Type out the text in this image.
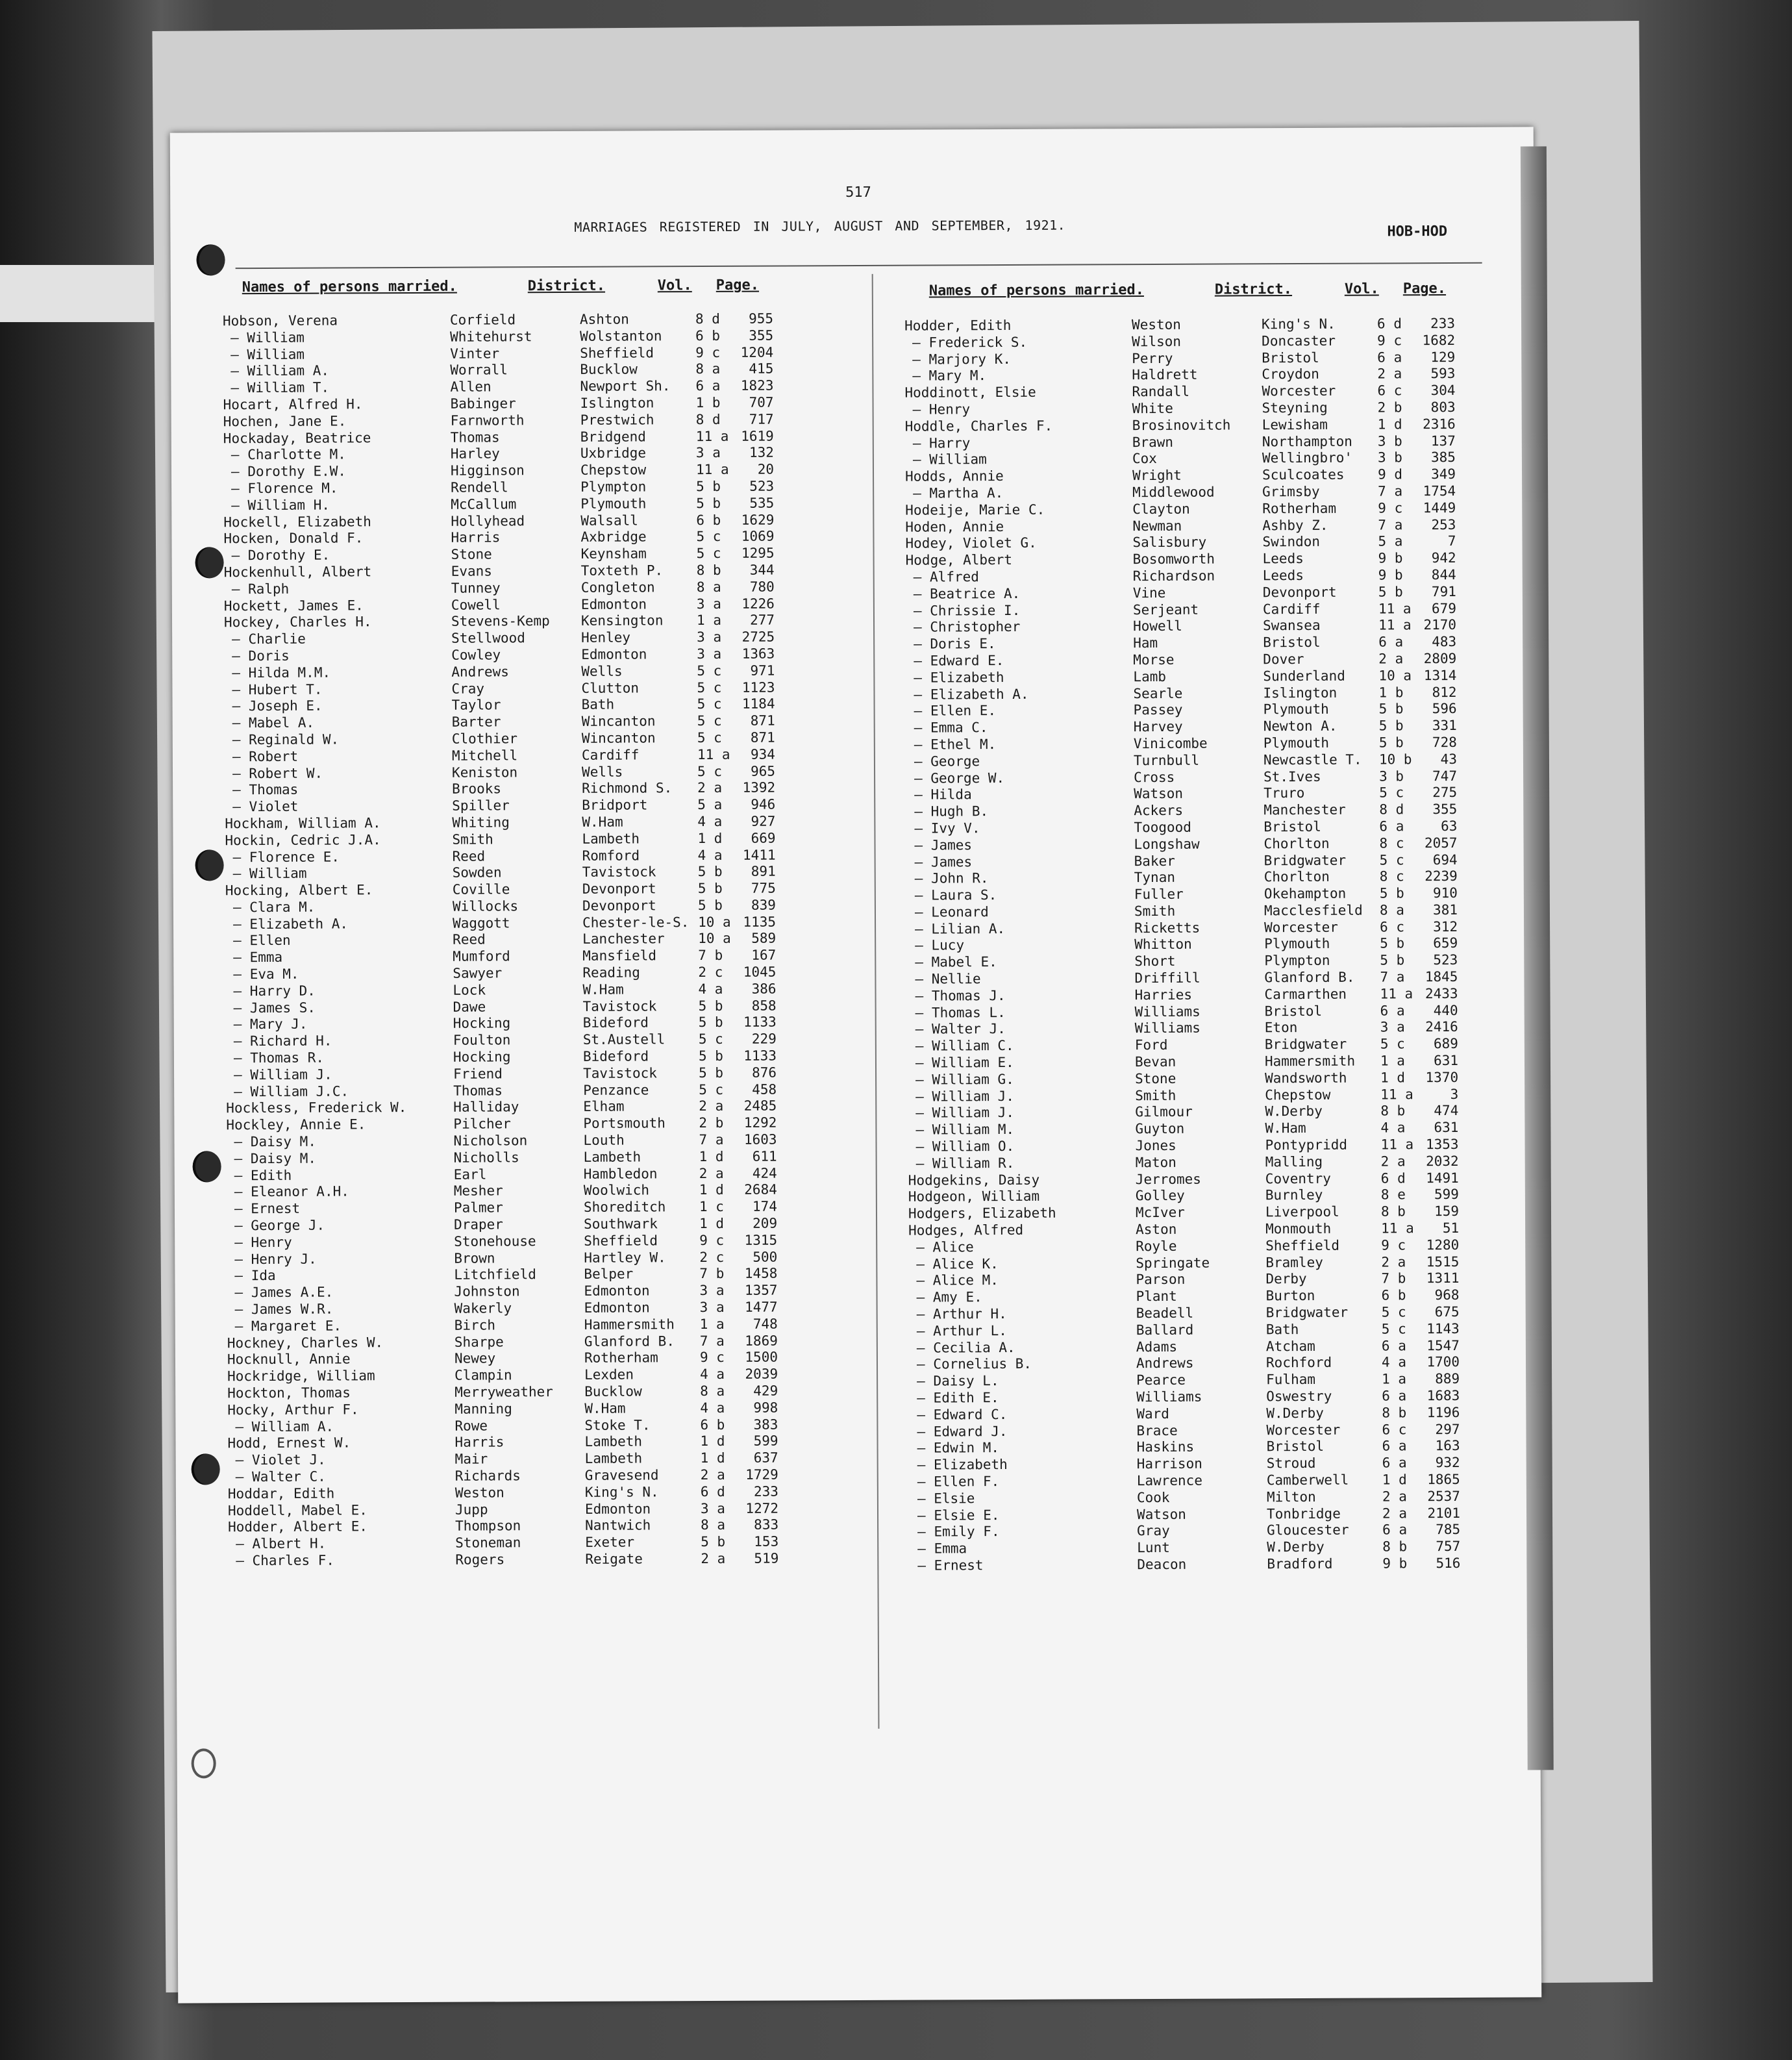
517
MARRIAGES REGISTERED IN JULY, AUGUST AND SEPTEMBER, 1921.	HOB-HOD
Names of persons married.	District.	Vol. Page.	Names of persons married.	District.	Vol. Page.
Hobson, Verena	Corfield	Ashton	8 d	955
— William	Whitehurst	Wolstanton 6 b	355
— William	Vinter	Sheffield	9 c	1204
— William A.	Worrall	Bucklow	8 a	415
— William T.	Allen	Newport Sh. 6 a	1823
Hocart, Alfred H.	Babinger	Islington	1 b	707
Hochen, Jane E.	Farnworth	Prestwich	8 d	717
Hockaday, Beatrice	Thomas	Bridgend	11 a 1619
— Charlotte M.	Harley	Uxbridge	3 a	132
— Dorothy E.W.	Higginson	Chepstow	11 a	20
— Florence M.	Rendell	Plympton	5 b	523
— William H.	McCallum	Plymouth	5 b	535
Hockell, Elizabeth	Hollyhead	Walsall	6 b	1629
Hocken, Donald F.	Harris	Axbridge	5 c	1069
— Dorothy E.	Stone	Keynsham	5 c	1295
Hockenhull, Albert	Evans	Toxteth P. 8 b	344
— Ralph	Tunney	Congleton	8 a	780
Hockett, James E.	Cowell	Edmonton	3 a	1226
Hockey, Charles H.	Stevens-Kemp Kensington 1 a	277
— Charlie	Stellwood	Henley	3 a	2725
— Doris	Cowley	Edmonton	3 a	1363
— Hilda M.M.	Andrews	Wells	5 c	971
— Hubert T.	Cray	Clutton	5 c	1123
— Joseph E.	Taylor	Bath	5 c	1184
— Mabel A.	Barter	Wincanton	5 c	871
— Reginald W.	Clothier	Wincanton	5 c	871
— Robert	Mitchell	Cardiff	11 a	934
— Robert W.	Keniston	Wells	5 c	965
— Thomas	Brooks	Richmond S. 2 a	1392
— Violet	Spiller	Bridport	5 a	946
Hockham, William A.	Whiting	W.Ham	4 a	927
Hockin, Cedric J.A.	Smith	Lambeth	1 d	669
— Florence E.	Reed	Romford	4 a	1411
— William	Sowden	Tavistock	5 b	891
Hocking, Albert E.	Coville	Devonport	5 b	775
— Clara M.	Willocks	Devonport	5 b	839
— Elizabeth A.	Waggott	Chester-le-S. 10 a 1135
— Ellen	Reed	Lanchester 10 a	589
— Emma	Mumford	Mansfield	7 b	167
— Eva M.	Sawyer	Reading	2 c	1045
— Harry D.	Lock	W.Ham	4 a	386
— James S.	Dawe	Tavistock	5 b	858
— Mary J.	Hocking	Bideford	5 b	1133
— Richard H.	Foulton	St.Austell 5 c	229
— Thomas R.	Hocking	Bideford	5 b	1133
— William J.	Friend	Tavistock	5 b	876
— William J.C.	Thomas	Penzance	5 c	458
Hockless, Frederick W.	Halliday	Elham	2 a	2485
Hockley, Annie E.	Pilcher	Portsmouth 2 b	1292
— Daisy M.	Nicholson	Louth	7 a	1603
— Daisy M.	Nicholls	Lambeth	1 d	611
— Edith	Earl	Hambledon	2 a	424
— Eleanor A.H.	Mesher	Woolwich	1 d	2684
— Ernest	Palmer	Shoreditch 1 c	174
— George J.	Draper	Southwark	1 d	209
— Henry	Stonehouse	Sheffield	9 c	1315
— Henry J.	Brown	Hartley W. 2 c	500
— Ida	Litchfield	Belper	7 b	1458
— James A.E.	Johnston	Edmonton	3 a	1357
— James W.R.	Wakerly	Edmonton	3 a	1477
— Margaret E.	Birch	Hammersmith 1 a	748
Hockney, Charles W.	Sharpe	Glanford B. 7 a	1869
Hocknull, Annie	Newey	Rotherham	9 c	1500
Hockridge, William	Clampin	Lexden	4 a	2039
Hockton, Thomas	Merryweather Bucklow	8 a	429
Hocky, Arthur F.	Manning	W.Ham	4 a	998
— William A.	Rowe	Stoke T.	6 b	383
Hodd, Ernest W.	Harris	Lambeth	1 d	599
— Violet J.	Mair	Lambeth	1 d	637
— Walter C.	Richards	Gravesend	2 a	1729
Hoddar, Edith	Weston	King's N.	6 d	233
Hoddell, Mabel E.	Jupp	Edmonton	3 a	1272
Hodder, Albert E.	Thompson	Nantwich	8 a	833
— Albert H.	Stoneman	Exeter	5 b	153
— Charles F.	Rogers	Reigate	2 a	519
Hodder, Edith	Weston	King's N.	6 d	233
— Frederick S.	Wilson	Doncaster	9 c	1682
— Marjory K.	Perry	Bristol	6 a	129
— Mary M.	Haldrett	Croydon	2 a	593
Hoddinott, Elsie	Randall	Worcester	6 c	304
— Henry	White	Steyning	2 b	803
Hoddle, Charles F.	Brosinovitch Lewisham	1 d	2316
— Harry	Brawn	Northampton 3 b	137
— William	Cox	Wellingbro' 3 b	385
Hodds, Annie	Wright	Sculcoates 9 d	349
— Martha A.	Middlewood	Grimsby	7 a	1754
Hodeije, Marie C.	Clayton	Rotherham	9 c	1449
Hoden, Annie	Newman	Ashby Z.	7 a	253
Hodey, Violet G.	Salisbury	Swindon	5 a	7
Hodge, Albert	Bosomworth	Leeds	9 b	942
— Alfred	Richardson	Leeds	9 b	844
— Beatrice A.	Vine	Devonport	5 b	791
— Chrissie I.	Serjeant	Cardiff	11 a	679
— Christopher	Howell	Swansea	11 a 2170
— Doris E.	Ham	Bristol	6 a	483
— Edward E.	Morse	Dover	2 a	2809
— Elizabeth	Lamb	Sunderland 10 a 1314
— Elizabeth A.	Searle	Islington	1 b	812
— Ellen E.	Passey	Plymouth	5 b	596
— Emma C.	Harvey	Newton A.	5 b	331
— Ethel M.	Vinicombe	Plymouth	5 b	728
— George	Turnbull	Newcastle T. 10 b	43
— George W.	Cross	St.Ives	3 b	747
— Hilda	Watson	Truro	5 c	275
— Hugh B.	Ackers	Manchester 8 d	355
— Ivy V.	Toogood	Bristol	6 a	63
— James	Longshaw	Chorlton	8 c	2057
— James	Baker	Bridgwater 5 c	694
— John R.	Tynan	Chorlton	8 c	2239
— Laura S.	Fuller	Okehampton 5 b	910
— Leonard	Smith	Macclesfield 8 a	381
— Lilian A.	Ricketts	Worcester	6 c	312
— Lucy	Whitton	Plymouth	5 b	659
— Mabel E.	Short	Plympton	5 b	523
— Nellie	Driffill	Glanford B. 7 a	1845
— Thomas J.	Harries	Carmarthen 11 a 2433
— Thomas L.	Williams	Bristol	6 a	440
— Walter J.	Williams	Eton	3 a	2416
— William C.	Ford	Bridgwater 5 c	689
— William E.	Bevan	Hammersmith 1 a	631
— William G.	Stone	Wandsworth 1 d	1370
— William J.	Smith	Chepstow	11 a	3
— William J.	Gilmour	W.Derby	8 b	474
— William M.	Guyton	W.Ham	4 a	631
— William O.	Jones	Pontypridd 11 a 1353
— William R.	Maton	Malling	2 a	2032
Hodgekins, Daisy	Jerromes	Coventry	6 d	1491
Hodgeon, William	Golley	Burnley	8 e	599
Hodgers, Elizabeth	McIver	Liverpool	8 b	159
Hodges, Alfred	Aston	Monmouth	11 a	51
— Alice	Royle	Sheffield	9 c	1280
— Alice K.	Springate	Bramley	2 a	1515
— Alice M.	Parson	Derby	7 b	1311
— Amy E.	Plant	Burton	6 b	968
— Arthur H.	Beadell	Bridgwater 5 c	675
— Arthur L.	Ballard	Bath	5 c	1143
— Cecilia A.	Adams	Atcham	6 a	1547
— Cornelius B.	Andrews	Rochford	4 a	1700
— Daisy L.	Pearce	Fulham	1 a	889
— Edith E.	Williams	Oswestry	6 a	1683
— Edward C.	Ward	W.Derby	8 b	1196
— Edward J.	Brace	Worcester	6 c	297
— Edwin M.	Haskins	Bristol	6 a	163
— Elizabeth	Harrison	Stroud	6 a	932
— Ellen F.	Lawrence	Camberwell 1 d	1865
— Elsie	Cook	Milton	2 a	2537
— Elsie E.	Watson	Tonbridge	2 a	2101
— Emily F.	Gray	Gloucester 6 a	785
— Emma	Lunt	W.Derby	8 b	757
— Ernest	Deacon	Bradford	9 b	516
